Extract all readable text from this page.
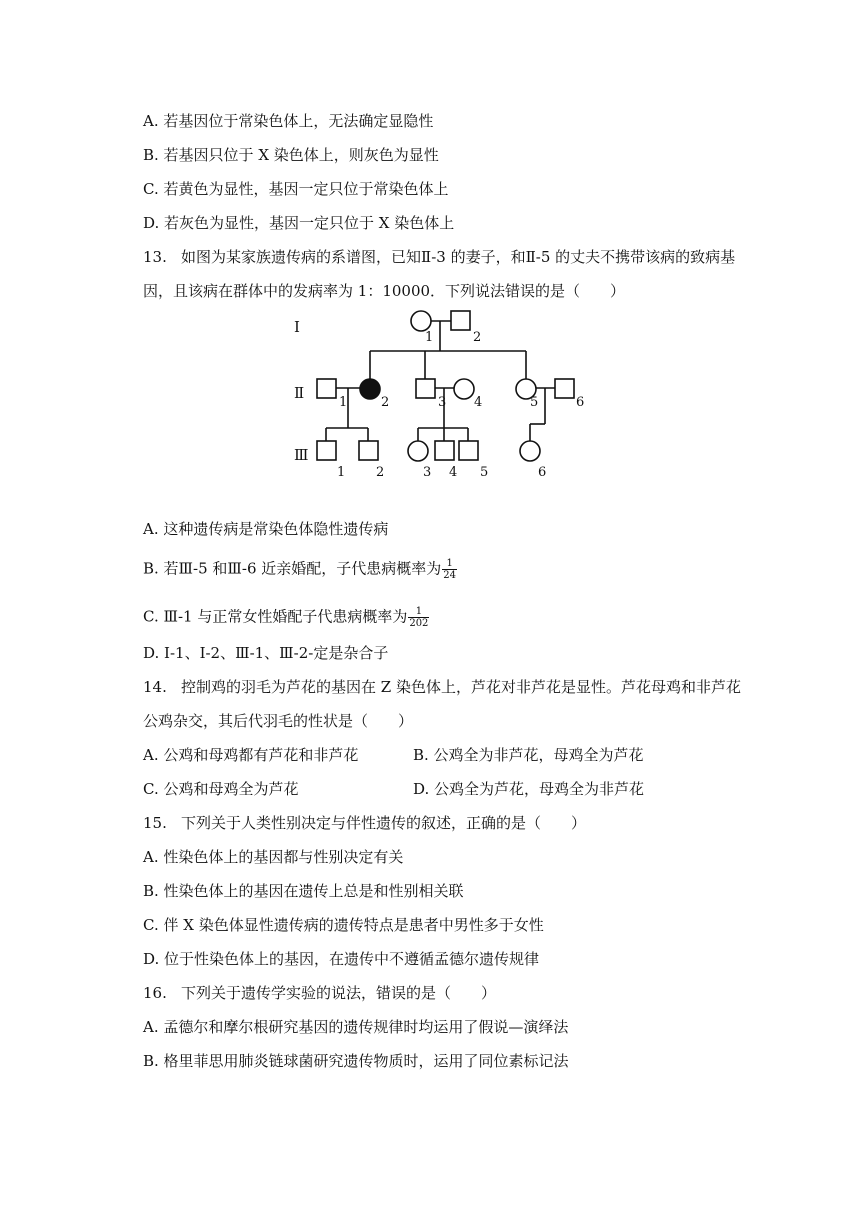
A. 若基因位于常染色体上，无法确定显隐性
B. 若基因只位于 X 染色体上，则灰色为显性
C. 若黄色为显性，基因一定只位于常染色体上
D. 若灰色为显性，基因一定只位于 X 染色体上
13. 如图为某家族遗传病的系谱图，已知Ⅱ-3 的妻子，和Ⅱ-5 的丈夫不携带该病的致病基
因，且该病在群体中的发病率为 1：10000．下列说法错误的是（　　）
Ⅰ
Ⅱ
Ⅲ
1	2
1	2	3 4	5	6
1 2	3 4 5	6
A. 这种遗传病是常染色体隐性遗传病
B. 若Ⅲ-5 和Ⅲ-6 近亲婚配，子代患病概率为 $\frac{1}{24}$
C. Ⅲ-1 与正常女性婚配子代患病概率为 $\frac{1}{202}$
D. Ⅰ-1、Ⅰ-2、Ⅲ-1、Ⅲ-2-定是杂合子
14. 控制鸡的羽毛为芦花的基因在 Z 染色体上，芦花对非芦花是显性。芦花母鸡和非芦花
公鸡杂交，其后代羽毛的性状是（　　）
A. 公鸡和母鸡都有芦花和非芦花	B. 公鸡全为非芦花，母鸡全为芦花
C. 公鸡和母鸡全为芦花	D. 公鸡全为芦花，母鸡全为非芦花
15. 下列关于人类性别决定与伴性遗传的叙述，正确的是（　　）
A. 性染色体上的基因都与性别决定有关
B. 性染色体上的基因在遗传上总是和性别相关联
C. 伴 X 染色体显性遗传病的遗传特点是患者中男性多于女性
D. 位于性染色体上的基因，在遗传中不遵循孟德尔遗传规律
16. 下列关于遗传学实验的说法，错误的是（　　）
A. 孟德尔和摩尔根研究基因的遗传规律时均运用了假说—演绎法
B. 格里菲思用肺炎链球菌研究遗传物质时，运用了同位素标记法
